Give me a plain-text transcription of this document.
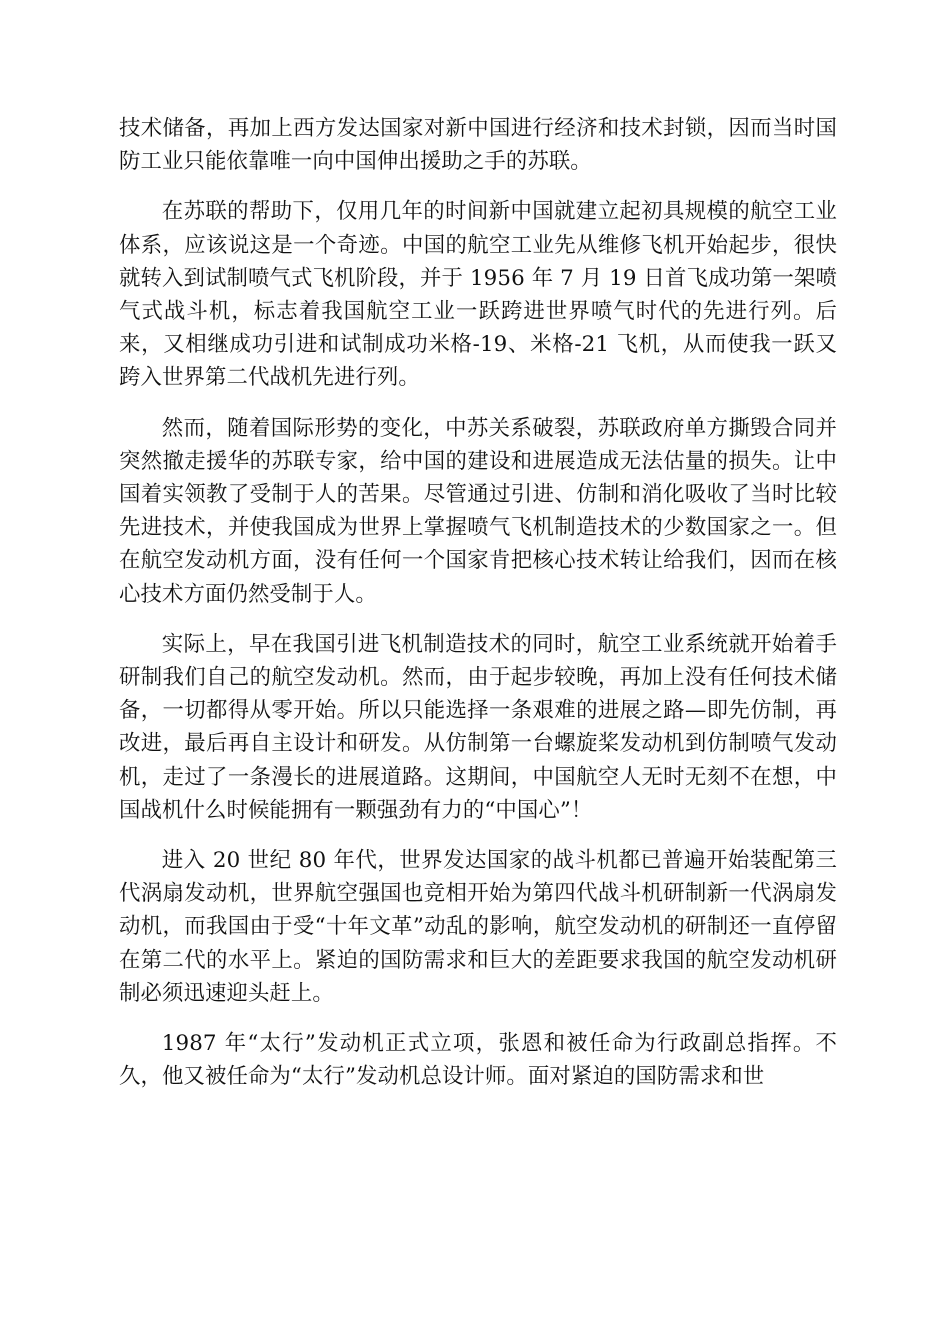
技术储备，再加上西方发达国家对新中国进行经济和技术封锁，因而当时国防工业只能依靠唯一向中国伸出援助之手的苏联。

在苏联的帮助下，仅用几年的时间新中国就建立起初具规模的航空工业体系，应该说这是一个奇迹。中国的航空工业先从维修飞机开始起步，很快就转入到试制喷气式飞机阶段，并于 1956 年 7 月 19 日首飞成功第一架喷气式战斗机，标志着我国航空工业一跃跨进世界喷气时代的先进行列。后来，又相继成功引进和试制成功米格-19、米格-21 飞机，从而使我一跃又跨入世界第二代战机先进行列。

然而，随着国际形势的变化，中苏关系破裂，苏联政府单方撕毁合同并突然撤走援华的苏联专家，给中国的建设和进展造成无法估量的损失。让中国着实领教了受制于人的苦果。尽管通过引进、仿制和消化吸收了当时比较先进技术，并使我国成为世界上掌握喷气飞机制造技术的少数国家之一。但在航空发动机方面，没有任何一个国家肯把核心技术转让给我们，因而在核心技术方面仍然受制于人。

实际上，早在我国引进飞机制造技术的同时，航空工业系统就开始着手研制我们自己的航空发动机。然而，由于起步较晚，再加上没有任何技术储备，一切都得从零开始。所以只能选择一条艰难的进展之路—即先仿制，再改进，最后再自主设计和研发。从仿制第一台螺旋桨发动机到仿制喷气发动机，走过了一条漫长的进展道路。这期间，中国航空人无时无刻不在想，中国战机什么时候能拥有一颗强劲有力的“中国心”！

进入 20 世纪 80 年代，世界发达国家的战斗机都已普遍开始装配第三代涡扇发动机，世界航空强国也竞相开始为第四代战斗机研制新一代涡扇发动机，而我国由于受“十年文革”动乱的影响，航空发动机的研制还一直停留在第二代的水平上。紧迫的国防需求和巨大的差距要求我国的航空发动机研制必须迅速迎头赶上。

1987 年“太行”发动机正式立项，张恩和被任命为行政副总指挥。不久，他又被任命为“太行”发动机总设计师。面对紧迫的国防需求和世
